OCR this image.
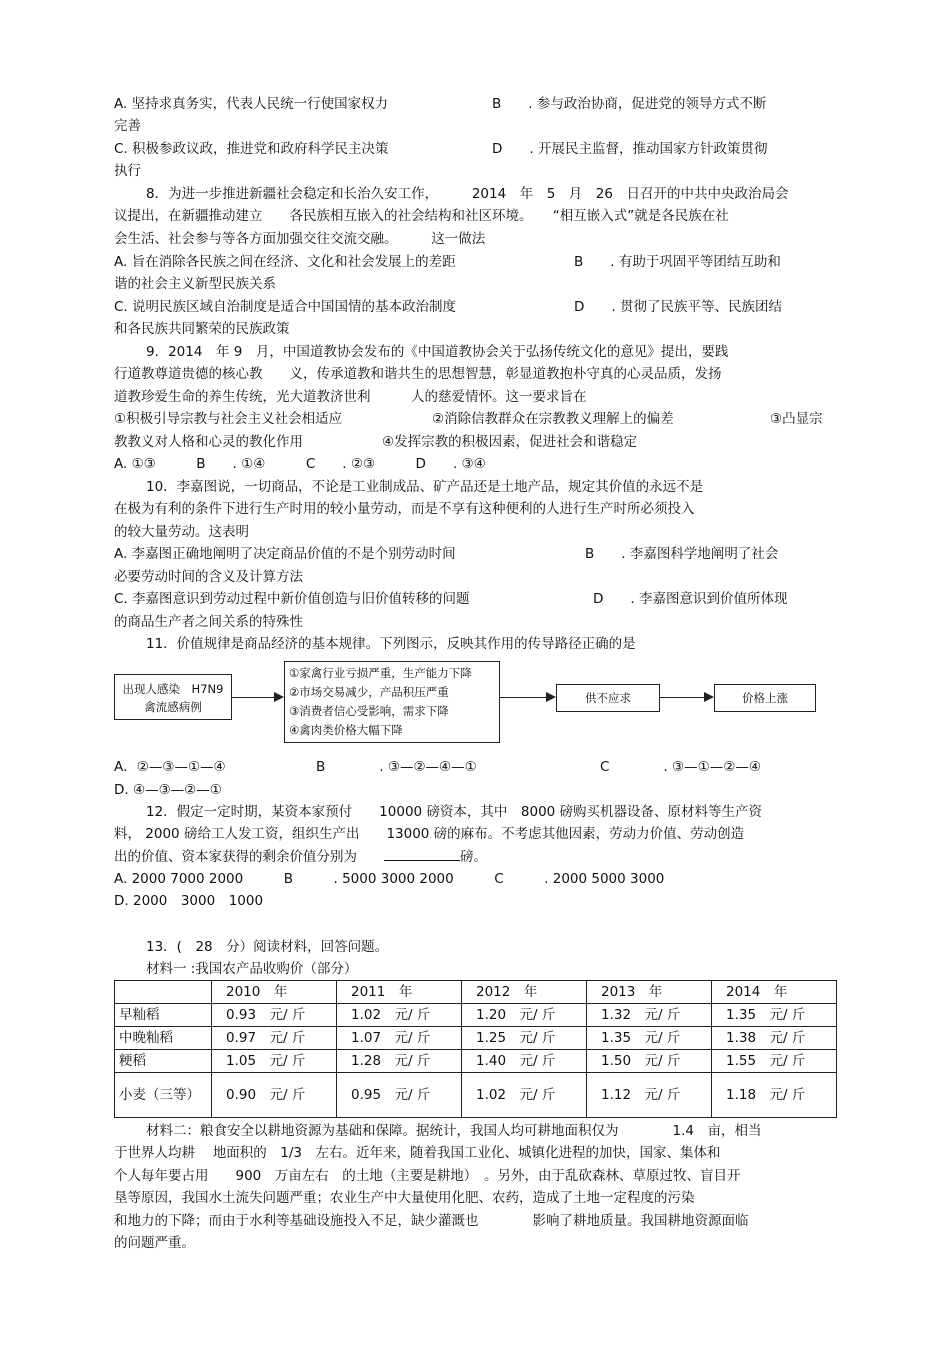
A. 坚持求真务实，代表人民统一行使国家权力	B　　. 参与政治协商，促进党的领导方式不断
完善
C. 积极参政议政，推进党和政府科学民主决策	D　　. 开展民主监督，推动国家方针政策贯彻
执行
8．为进一步推进新疆社会稳定和长治久安工作，　　　2014　年　5　月　26　日召开的中共中央政治局会
议提出，在新疆推动建立　　各民族相互嵌入的社会结构和社区环境。　　“相互嵌入式”就是各民族在社
会生活、社会参与等各方面加强交往交流交融。　　　这一做法
A. 旨在消除各民族之间在经济、文化和社会发展上的差距	B　　. 有助于巩固平等团结互助和
谐的社会主义新型民族关系
C. 说明民族区域自治制度是适合中国国情的基本政治制度	D　　. 贯彻了民族平等、民族团结
和各民族共同繁荣的民族政策
9．2014　年 9　月，中国道教协会发布的《中国道教协会关于弘扬传统文化的意见》提出，要践
行道教尊道贵德的核心教　　义，传承道教和谐共生的思想智慧，彰显道教抱朴守真的心灵品质，发扬
道教珍爱生命的养生传统，光大道教济世利　　　人的慈爱情怀。这一要求旨在
①积极引导宗教与社会主义社会相适应	②消除信教群众在宗教教义理解上的偏差	③凸显宗
教教义对人格和心灵的教化作用	④发挥宗教的积极因素，促进社会和谐稳定
A. ①③　　　B　　. ①④　　　C　　. ②③　　　D　　. ③④
10．李嘉图说，一切商品，不论是工业制成品、矿产品还是土地产品，规定其价值的永远不是
在极为有利的条件下进行生产时用的较小量劳动，而是不享有这种便利的人进行生产时所必须投入
的较大量劳动。这表明
A. 李嘉图正确地阐明了决定商品价值的不是个别劳动时间	B　　. 李嘉图科学地阐明了社会
必要劳动时间的含义及计算方法
C. 李嘉图意识到劳动过程中新价值创造与旧价值转移的问题	D　　. 李嘉图意识到价值所体现
的商品生产者之间关系的特殊性
11．价值规律是商品经济的基本规律。下列图示，反映其作用的传导路径正确的是
出现人感染　H7N9
禽流感病例
①家禽行业亏损严重，生产能力下降
②市场交易减少，产品积压严重
③消费者信心受影响，需求下降
④禽肉类价格大幅下降
供不应求	价格上涨
A．②—③—①—④	B　　　　. ③—②—④—①	C　　　　. ③—①—②—④
D. ④—③—②—①
12．假定一定时期，某资本家预付　　10000 磅资本，其中　8000 磅购买机器设备、原材料等生产资
料， 2000 磅给工人发工资，组织生产出　　13000 磅的麻布。不考虑其他因素，劳动力价值、劳动创造
出的价值、资本家获得的剩余价值分别为　　	磅。
A. 2000 7000 2000　　　B　　　. 5000 3000 2000　　　C　　　. 2000 5000 3000
D. 2000　3000　1000
13．(　28　分）阅读材料，回答问题。
材料一 :我国农产品收购价（部分）
	2010　年	2011　年	2012　年	2013　年	2014　年
早籼稻	0.93　元/ 斤	1.02　元/ 斤	1.20　元/ 斤	1.32　元/ 斤	1.35　元/ 斤
中晚籼稻	0.97　元/ 斤	1.07　元/ 斤	1.25　元/ 斤	1.35　元/ 斤	1.38　元/ 斤
粳稻	1.05　元/ 斤	1.28　元/ 斤	1.40　元/ 斤	1.50　元/ 斤	1.55　元/ 斤
小麦（三等）	0.90　元/ 斤	0.95　元/ 斤	1.02　元/ 斤	1.12　元/ 斤	1.18　元/ 斤
材料二：粮食安全以耕地资源为基础和保障。据统计，我国人均可耕地面积仅为　　　　1.4　亩，相当
于世界人均耕　 地面积的　1/3　左右。近年来，随着我国工业化、城镇化进程的加快，国家、集体和
个人每年要占用　　900　万亩左右　的土地（主要是耕地）　。另外，由于乱砍森林、草原过牧、盲目开
垦等原因，我国水土流失问题严重；农业生产中大量使用化肥、农药，造成了土地一定程度的污染
和地力的下降；而由于水利等基础设施投入不足，缺少灌溉也　　　　影响了耕地质量。我国耕地资源面临
的问题严重。
